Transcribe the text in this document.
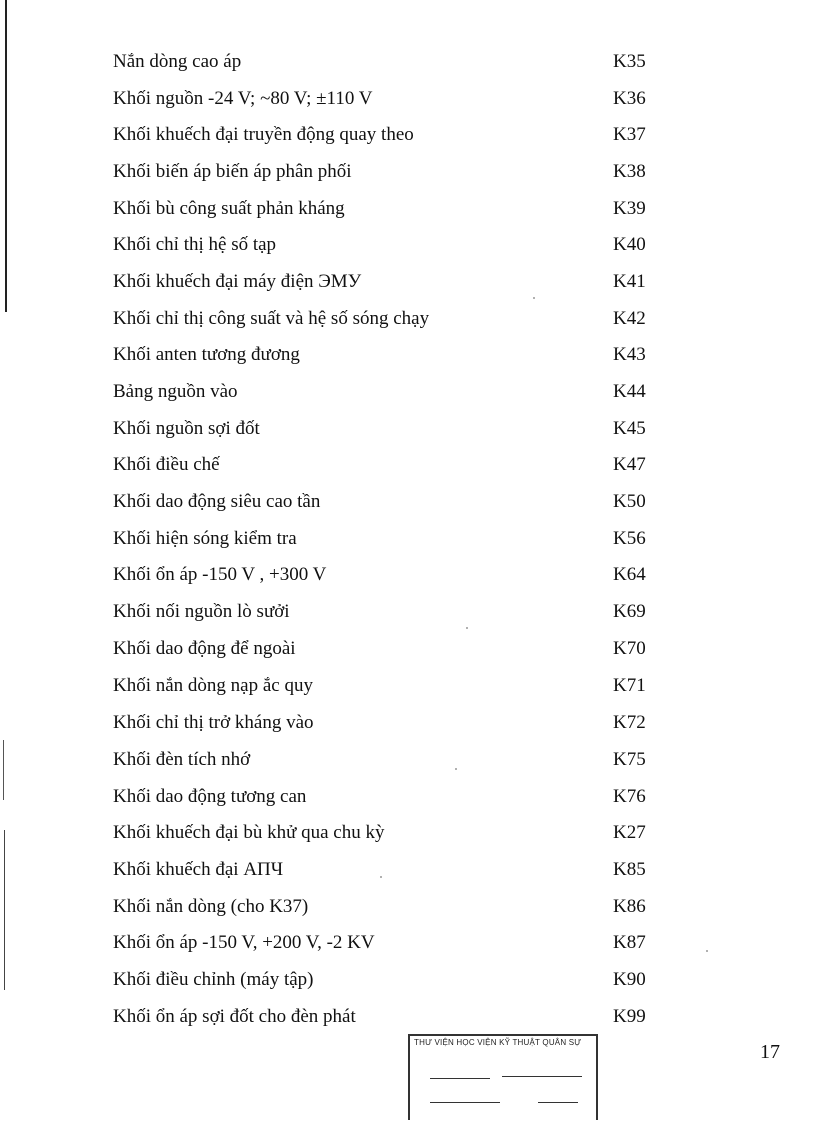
Nắn dòng cao áp	K35
Khối nguồn -24 V; ~80 V; ±110 V	K36
Khối khuếch đại truyền động quay theo	K37
Khối biến áp biến áp phân phối	K38
Khối bù công suất phản kháng	K39
Khối chỉ thị hệ số tạp	K40
Khối khuếch đại máy điện ЭМУ	K41
Khối chỉ thị công suất và hệ số sóng chạy	K42
Khối anten tương đương	K43
Bảng nguồn vào	K44
Khối nguồn sợi đốt	K45
Khối điều chế	K47
Khối dao động siêu cao tần	K50
Khối hiện sóng kiểm tra	K56
Khối ổn áp -150 V , +300 V	K64
Khối nối nguồn lò sưởi	K69
Khối dao động để ngoài	K70
Khối nắn dòng nạp ắc quy	K71
Khối chỉ thị trở kháng vào	K72
Khối đèn tích nhớ	K75
Khối dao động tương can	K76
Khối khuếch đại bù khử qua chu kỳ	K27
Khối khuếch đại АПЧ	K85
Khối nắn dòng (cho K37)	K86
Khối ổn áp -150 V, +200 V, -2 KV	K87
Khối điều chỉnh (máy tập)	K90
Khối ổn áp sợi đốt cho đèn phát	K99
17
THƯ VIỆN HỌC VIỆN KỸ THUẬT QUÂN SỰ
